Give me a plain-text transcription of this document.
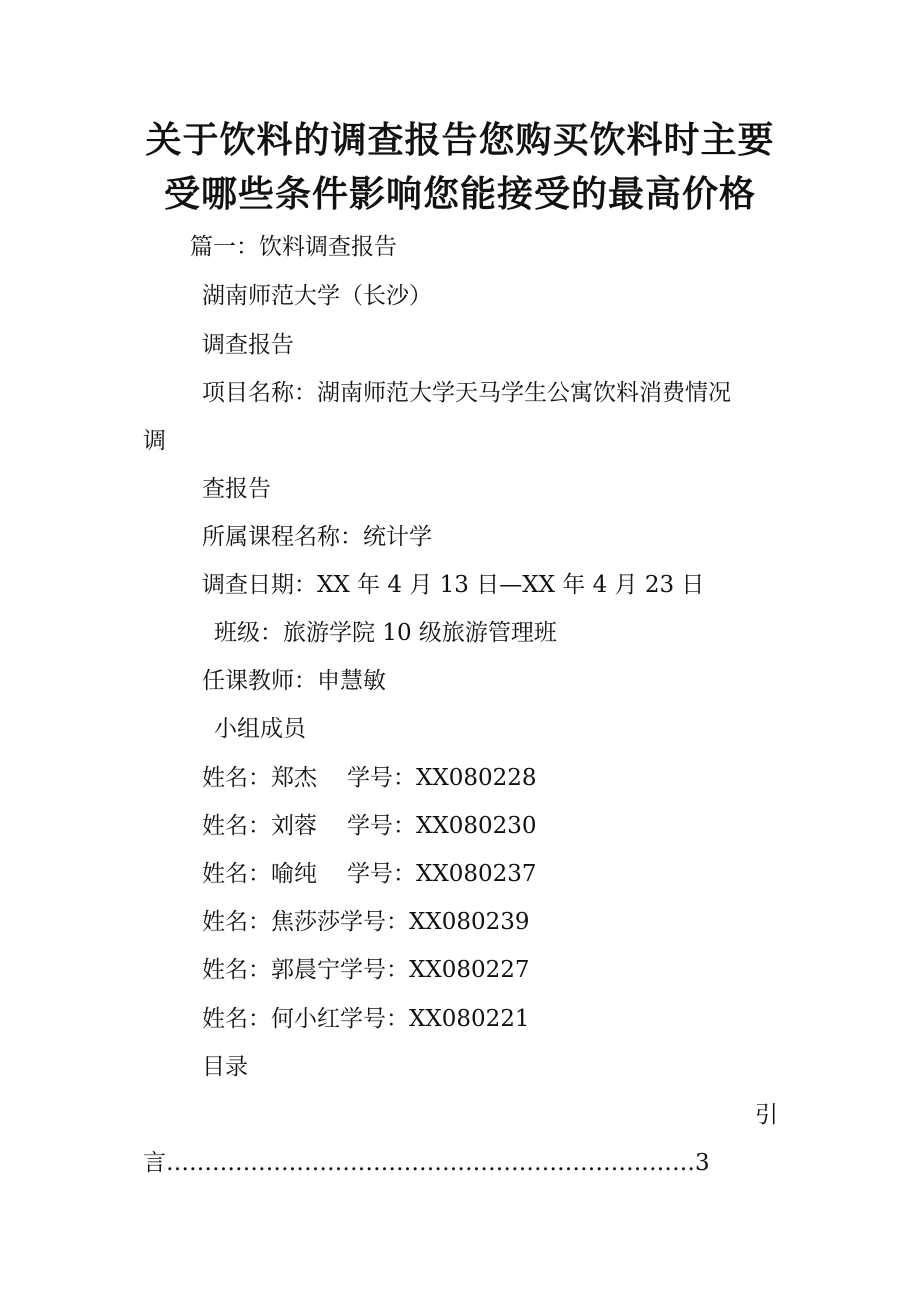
关于饮料的调查报告您购买饮料时主要
受哪些条件影响您能接受的最高价格
篇一：饮料调查报告
湖南师范大学（长沙）
调查报告
项目名称：湖南师范大学天马学生公寓饮料消费情况
调
查报告
所属课程名称：统计学
调查日期：XX 年 4 月 13 日—XX 年 4 月 23 日
班级：旅游学院 10 级旅游管理班
任课教师：申慧敏
小组成员
姓名：郑杰 学号：XX080228
姓名：刘蓉 学号：XX080230
姓名：喻纯 学号：XX080237
姓名：焦莎莎学号：XX080239
姓名：郭晨宁学号：XX080227
姓名：何小红学号：XX080221
目录
引
言……………………………………………………………3
